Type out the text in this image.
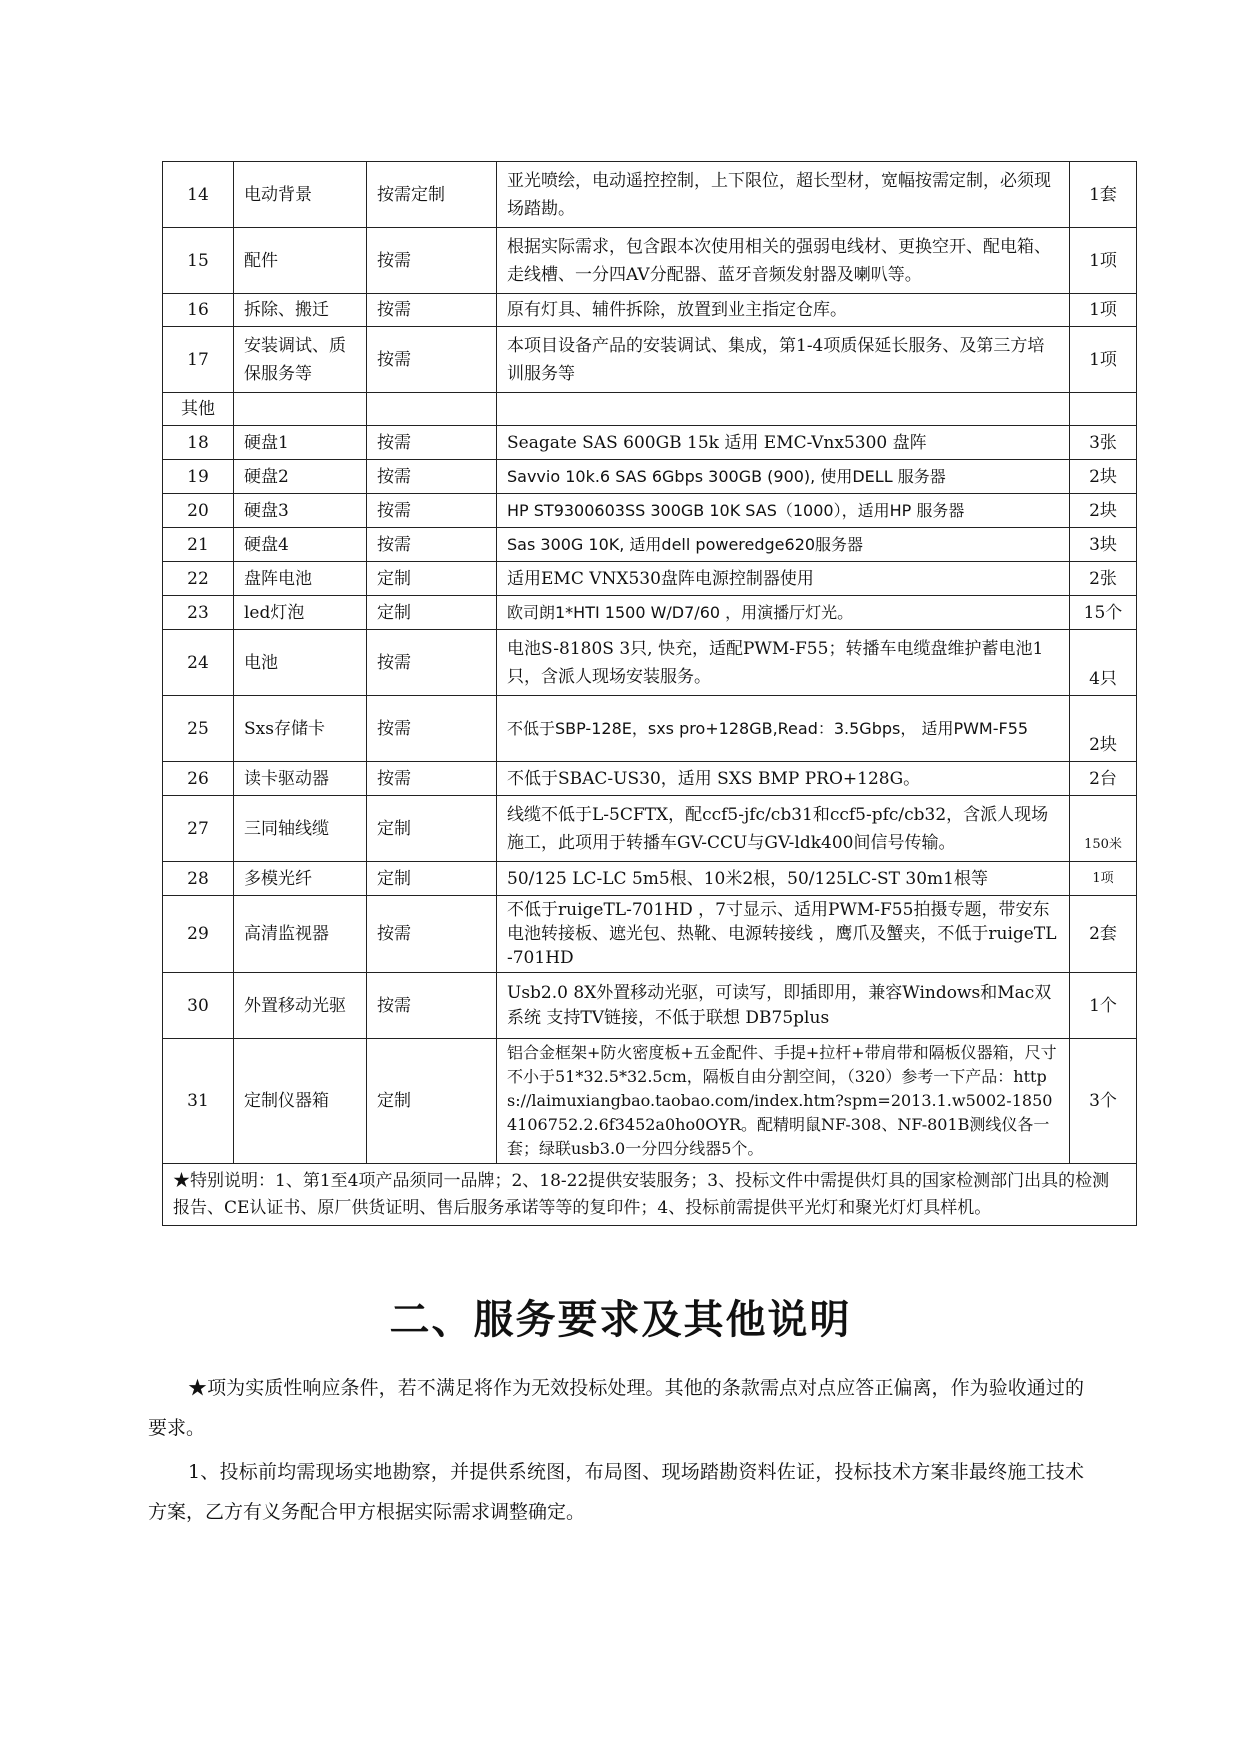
14	电动背景	按需定制	亚光喷绘，电动遥控控制，上下限位，超长型材，宽幅按需定制，必须现场踏勘。	1套
15	配件	按需	根据实际需求，包含跟本次使用相关的强弱电线材、更换空开、配电箱、走线槽、一分四AV分配器、蓝牙音频发射器及喇叭等。	1项
16	拆除、搬迁	按需	原有灯具、辅件拆除，放置到业主指定仓库。	1项
17	安装调试、质保服务等	按需	本项目设备产品的安装调试、集成，第1-4项质保延长服务、及第三方培训服务等	1项
其他				
18	硬盘1	按需	Seagate SAS 600GB 15k 适用 EMC-Vnx5300 盘阵	3张
19	硬盘2	按需	Savvio 10k.6 SAS 6Gbps 300GB (900), 使用DELL 服务器	2块
20	硬盘3	按需	HP ST9300603SS 300GB 10K SAS（1000），适用HP 服务器	2块
21	硬盘4	按需	Sas 300G 10K, 适用dell poweredge620服务器	3块
22	盘阵电池	定制	适用EMC VNX530盘阵电源控制器使用	2张
23	led灯泡	定制	欧司朗1*HTI 1500 W/D7/60 ，用演播厅灯光。	15个
24	电池	按需	电池S-8180S 3只, 快充，适配PWM-F55；转播车电缆盘维护蓄电池1只，含派人现场安装服务。	4只
25	Sxs存储卡	按需	不低于SBP-128E，sxs pro+128GB,Read：3.5Gbps， 适用PWM-F55	2块
26	读卡驱动器	按需	不低于SBAC-US30，适用 SXS BMP PRO+128G。	2台
27	三同轴线缆	定制	线缆不低于L-5CFTX，配ccf5-jfc/cb31和ccf5-pfc/cb32，含派人现场施工，此项用于转播车GV-CCU与GV-ldk400间信号传输。	150米
28	多模光纤	定制	50/125 LC-LC 5m5根、10米2根，50/125LC-ST 30m1根等	1项
29	高清监视器	按需	不低于ruigeTL-701HD ，7寸显示、适用PWM-F55拍摄专题，带安东电池转接板、遮光包、热靴、电源转接线 ，鹰爪及蟹夹，不低于ruigeTL-701HD	2套
30	外置移动光驱	按需	Usb2.0 8X外置移动光驱，可读写，即插即用，兼容Windows和Mac双系统 支持TV链接，不低于联想 DB75plus	1个
31	定制仪器箱	定制	铝合金框架+防火密度板+五金配件、手提+拉杆+带肩带和隔板仪器箱，尺寸不小于51*32.5*32.5cm，隔板自由分割空间，（320）参考一下产品：https://laimuxiangbao.taobao.com/index.htm?spm=2013.1.w5002-18504106752.2.6f3452a0ho0OYR。配精明鼠NF-308、NF-801B测线仪各一套；绿联usb3.0一分四分线器5个。	3个
★特别说明：1、第1至4项产品须同一品牌；2、18-22提供安装服务；3、投标文件中需提供灯具的国家检测部门出具的检测报告、CE认证书、原厂供货证明、售后服务承诺等等的复印件；4、投标前需提供平光灯和聚光灯灯具样机。				
二、服务要求及其他说明

★项为实质性响应条件，若不满足将作为无效投标处理。其他的条款需点对点应答正偏离，作为验收通过的要求。

1、投标前均需现场实地勘察，并提供系统图，布局图、现场踏勘资料佐证，投标技术方案非最终施工技术方案，乙方有义务配合甲方根据实际需求调整确定。
